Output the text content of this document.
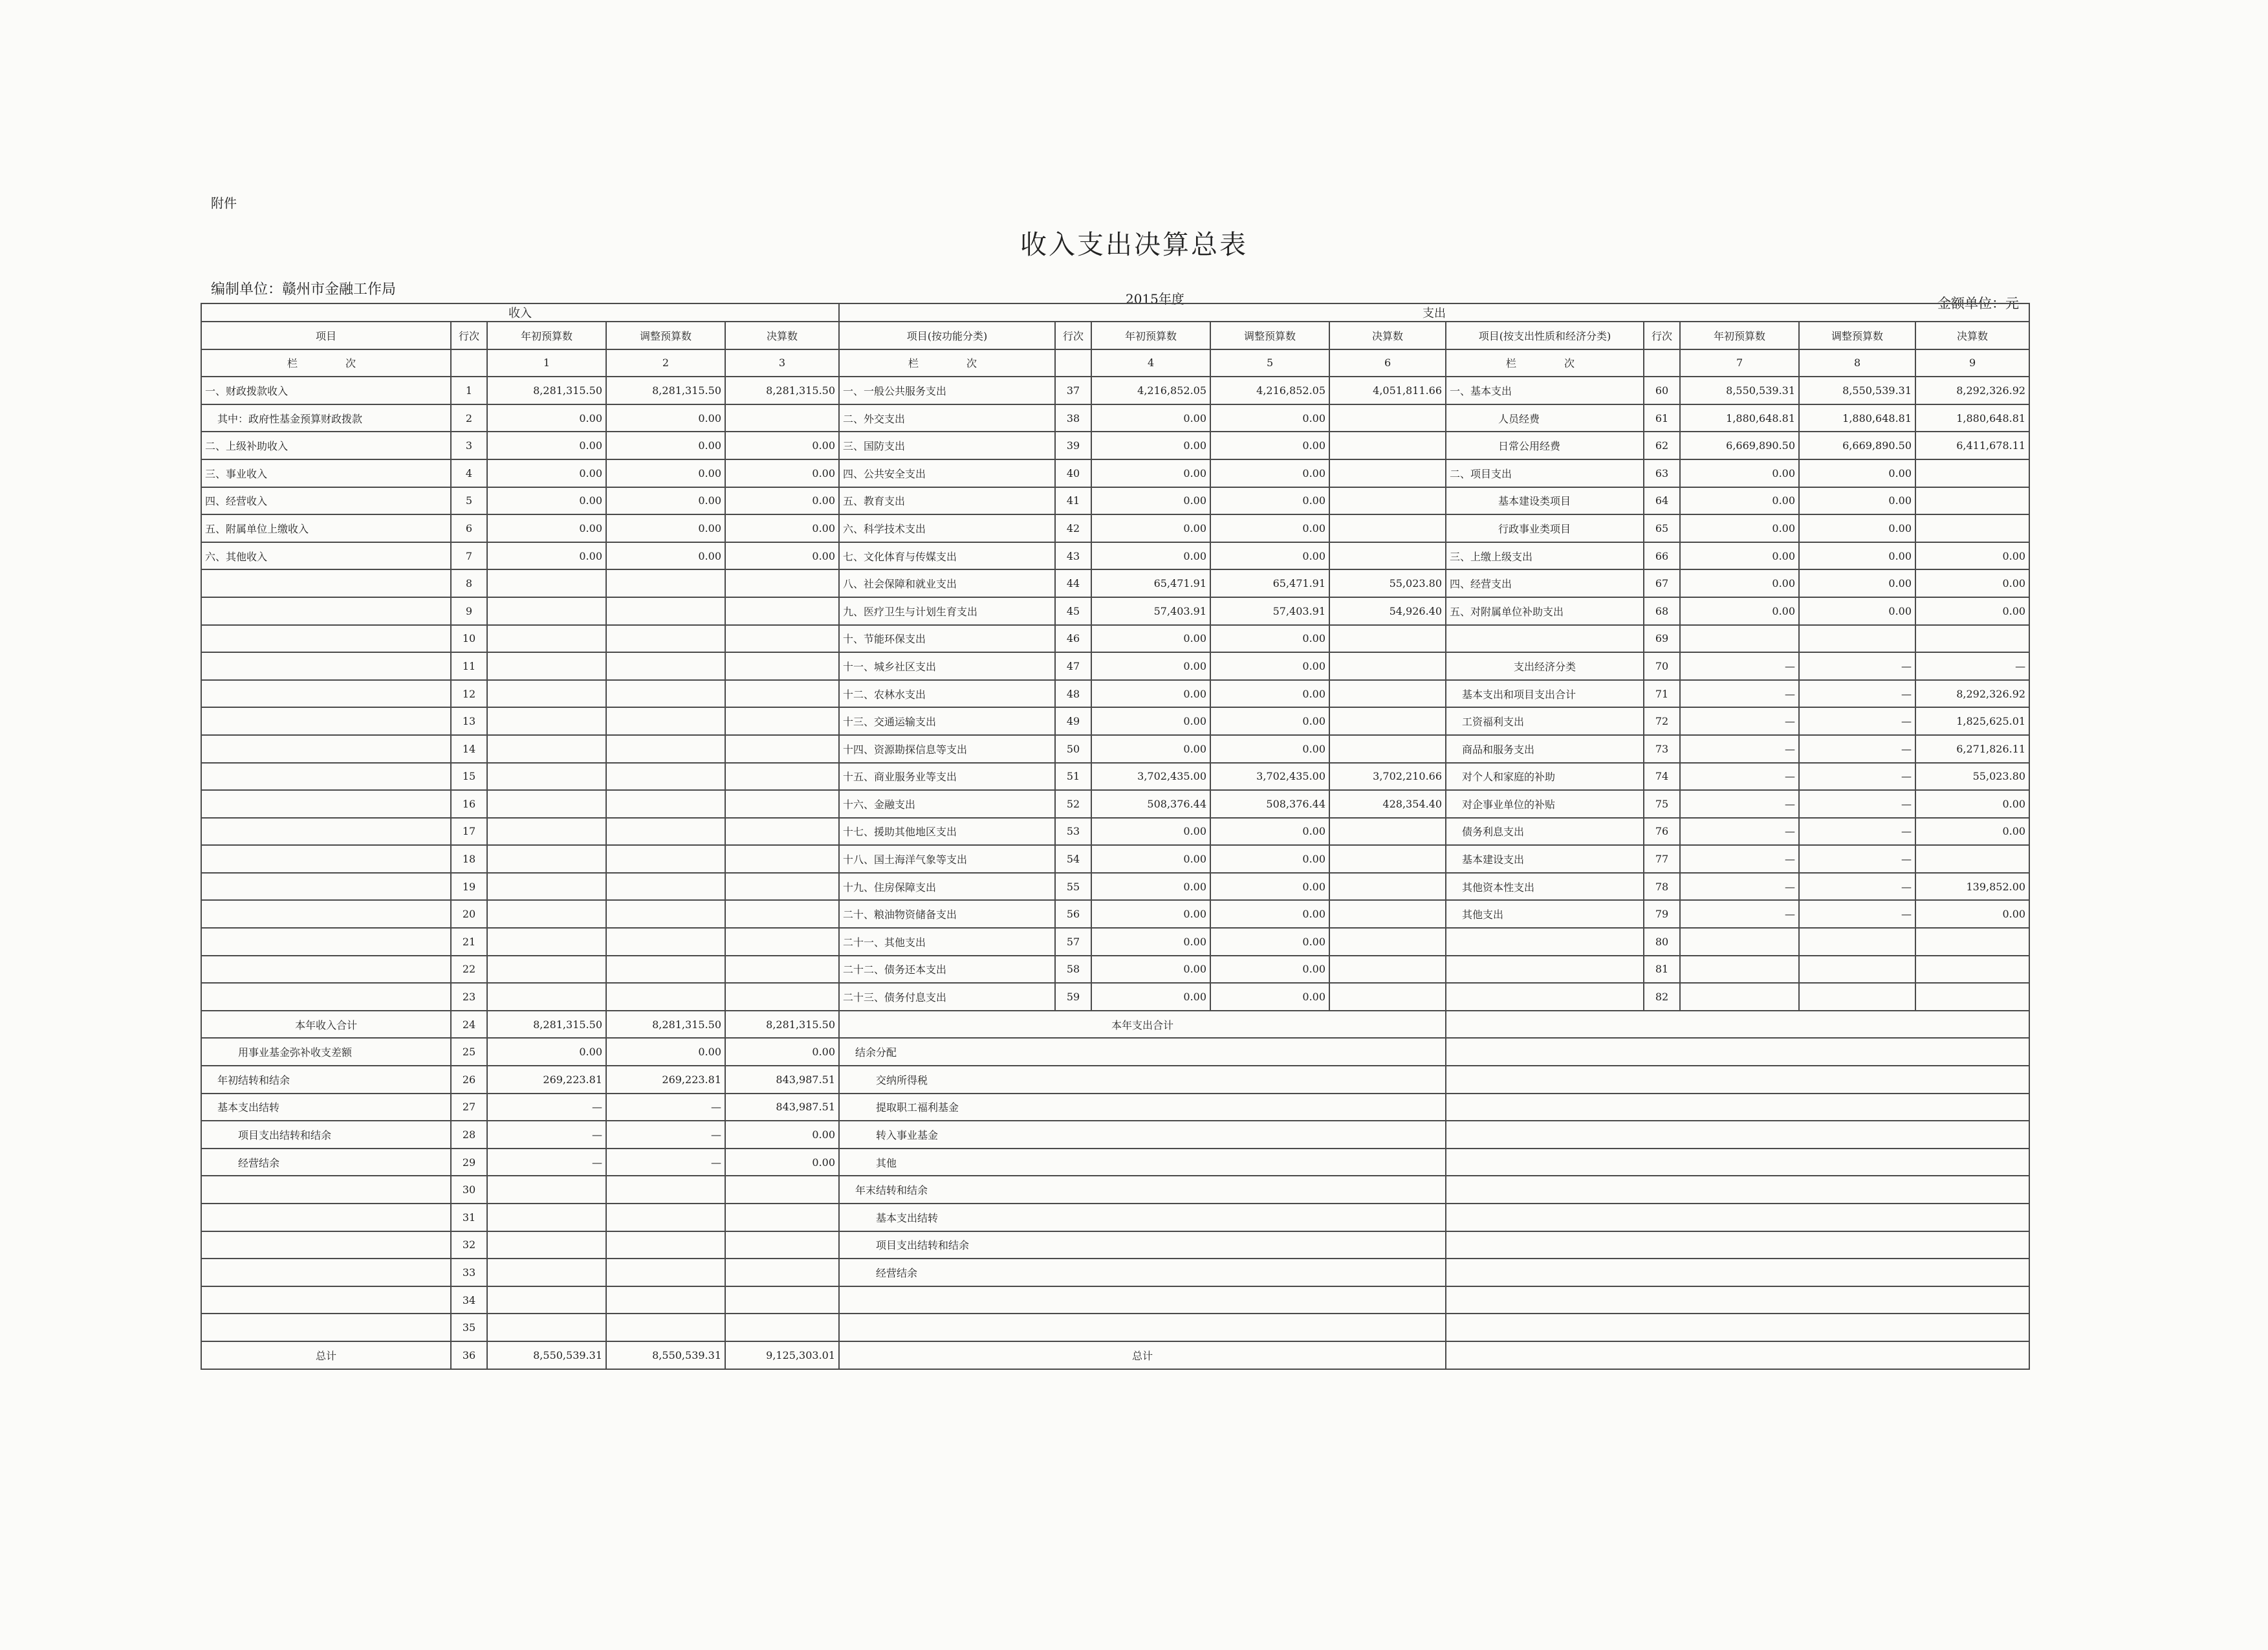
附件
收入支出决算总表
编制单位：赣州市金融工作局
2015年度	金额单位：元
收入					支出										
项目	行次	年初预算数	调整预算数	决算数	项目(按功能分类)	行次	年初预算数	调整预算数	决算数	项目(按支出性质和经济分类)	行次	年初预算数	调整预算数	决算数	
栏　　次		1	2	3	栏　　次		4	5	6	栏　　次		7	8	9	
一、财政拨款收入	1	8,281,315.50	8,281,315.50	8,281,315.50	一、一般公共服务支出	37	4,216,852.05	4,216,852.05	4,051,811.66	一、基本支出	60	8,550,539.31	8,550,539.31	8,292,326.92	
其中：政府性基金预算财政拨款	2	0.00	0.00		二、外交支出	38	0.00	0.00		人员经费	61	1,880,648.81	1,880,648.81	1,880,648.81	
二、上级补助收入	3	0.00	0.00	0.00	三、国防支出	39	0.00	0.00		日常公用经费	62	6,669,890.50	6,669,890.50	6,411,678.11	
三、事业收入	4	0.00	0.00	0.00	四、公共安全支出	40	0.00	0.00		二、项目支出	63	0.00	0.00		
四、经营收入	5	0.00	0.00	0.00	五、教育支出	41	0.00	0.00		基本建设类项目	64	0.00	0.00		
五、附属单位上缴收入	6	0.00	0.00	0.00	六、科学技术支出	42	0.00	0.00		行政事业类项目	65	0.00	0.00		
六、其他收入	7	0.00	0.00	0.00	七、文化体育与传媒支出	43	0.00	0.00		三、上缴上级支出	66	0.00	0.00	0.00	
	8				八、社会保障和就业支出	44	65,471.91	65,471.91	55,023.80	四、经营支出	67	0.00	0.00	0.00	
	9				九、医疗卫生与计划生育支出	45	57,403.91	57,403.91	54,926.40	五、对附属单位补助支出	68	0.00	0.00	0.00	
	10				十、节能环保支出	46	0.00	0.00			69				
	11				十一、城乡社区支出	47	0.00	0.00		支出经济分类	70	—	—	—	
	12				十二、农林水支出	48	0.00	0.00		基本支出和项目支出合计	71	—	—	8,292,326.92	
	13				十三、交通运输支出	49	0.00	0.00		工资福利支出	72	—	—	1,825,625.01	
	14				十四、资源勘探信息等支出	50	0.00	0.00		商品和服务支出	73	—	—	6,271,826.11	
	15				十五、商业服务业等支出	51	3,702,435.00	3,702,435.00	3,702,210.66	对个人和家庭的补助	74	—	—	55,023.80	
	16				十六、金融支出	52	508,376.44	508,376.44	428,354.40	对企事业单位的补贴	75	—	—	0.00	
	17				十七、援助其他地区支出	53	0.00	0.00		债务利息支出	76	—	—	0.00	
	18				十八、国土海洋气象等支出	54	0.00	0.00		基本建设支出	77	—	—		
	19				十九、住房保障支出	55	0.00	0.00		其他资本性支出	78	—	—	139,852.00	
	20				二十、粮油物资储备支出	56	0.00	0.00		其他支出	79	—	—	0.00	
	21				二十一、其他支出	57	0.00	0.00			80				
	22				二十二、债务还本支出	58	0.00	0.00			81				
	23				二十三、债务付息支出	59	0.00	0.00			82				
本年收入合计	24	8,281,315.50	8,281,315.50	8,281,315.50	本年支出合计					
用事业基金弥补收支差额	25	0.00	0.00	0.00	结余分配					
年初结转和结余	26	269,223.81	269,223.81	843,987.51	交纳所得税					
基本支出结转	27	—	—	843,987.51	提取职工福利基金					
项目支出结转和结余	28	—	—	0.00	转入事业基金					
经营结余	29	—	—	0.00	其他					
	30				年末结转和结余					
	31				基本支出结转					
	32				项目支出结转和结余					
	33				经营结余					
	34									
	35									
总计	36	8,550,539.31	8,550,539.31	9,125,303.01	总计					
